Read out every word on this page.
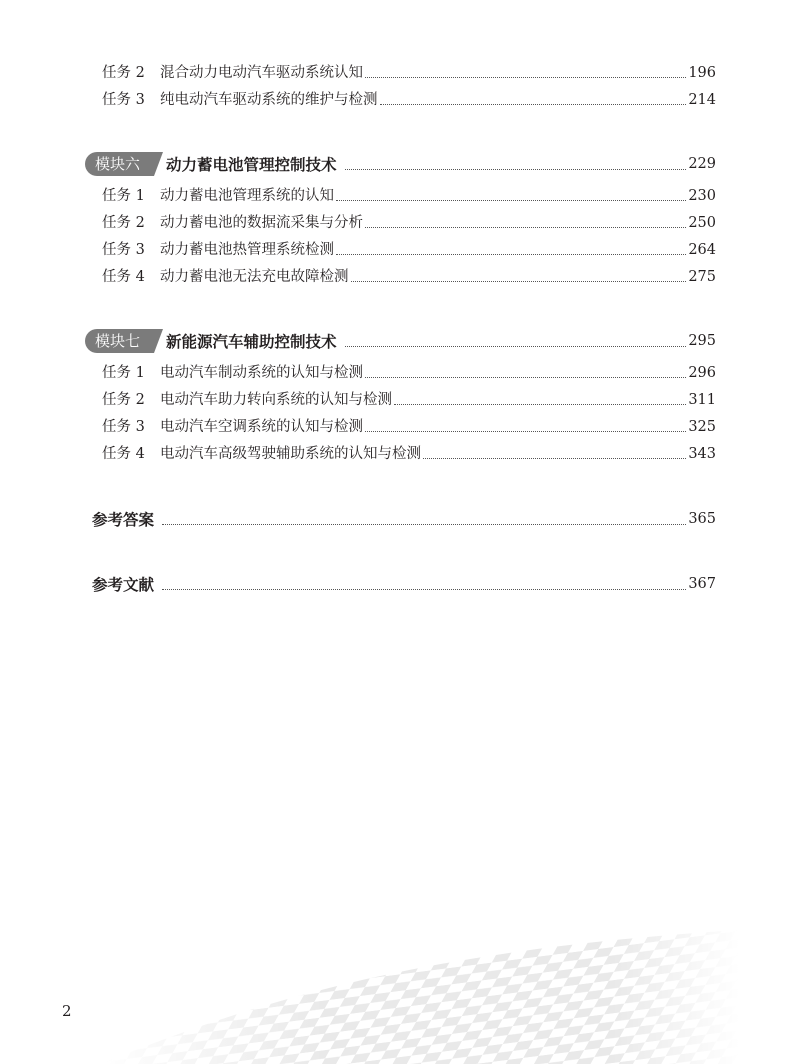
任务 2	混合动力电动汽车驱动系统认知	196
任务 3	纯电动汽车驱动系统的维护与检测	214
模块六	动力蓄电池管理控制技术	229
任务 1	动力蓄电池管理系统的认知	230
任务 2	动力蓄电池的数据流采集与分析	250
任务 3	动力蓄电池热管理系统检测	264
任务 4	动力蓄电池无法充电故障检测	275
模块七	新能源汽车辅助控制技术	295
任务 1	电动汽车制动系统的认知与检测	296
任务 2	电动汽车助力转向系统的认知与检测	311
任务 3	电动汽车空调系统的认知与检测	325
任务 4	电动汽车高级驾驶辅助系统的认知与检测	343
参考答案	365
参考文献	367
2
